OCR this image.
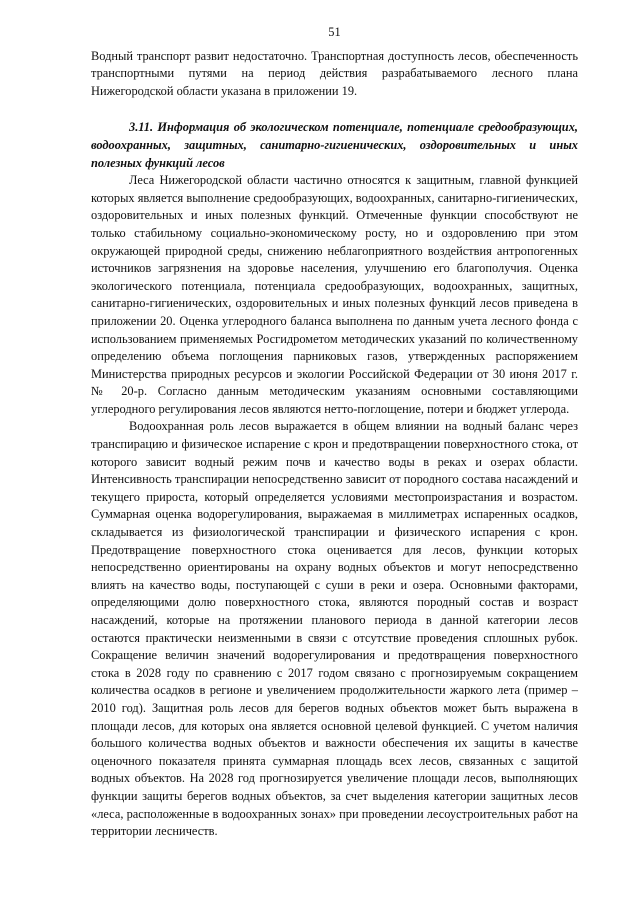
51

Водный транспорт развит недостаточно. Транспортная доступность лесов, обеспеченность транспортными путями на период действия разрабатываемого лесного плана Нижегородской области указана в приложении 19.

3.11. Информация об экологическом потенциале, потенциале средообразующих, водоохранных, защитных, санитарно-гигиенических, оздоровительных и иных полезных функций лесов

Леса Нижегородской области частично относятся к защитным, главной функцией которых является выполнение средообразующих, водоохранных, санитарно-гигиенических, оздоровительных и иных полезных функций. Отмеченные функции способствуют не только стабильному социально-экономическому росту, но и оздоровлению при этом окружающей природной среды, снижению неблагоприятного воздействия антропогенных источников загрязнения на здоровье населения, улучшению его благополучия. Оценка экологического потенциала, потенциала средообразующих, водоохранных, защитных, санитарно-гигиенических, оздоровительных и иных полезных функций лесов приведена в приложении 20. Оценка углеродного баланса выполнена по данным учета лесного фонда с использованием применяемых Росгидрометом методических указаний по количественному определению объема поглощения парниковых газов, утвержденных распоряжением Министерства природных ресурсов и экологии Российской Федерации от 30 июня 2017 г. № 20-р. Согласно данным методическим указаниям основными составляющими углеродного регулирования лесов являются нетто-поглощение, потери и бюджет углерода.

Водоохранная роль лесов выражается в общем влиянии на водный баланс через транспирацию и физическое испарение с крон и предотвращении поверхностного стока, от которого зависит водный режим почв и качество воды в реках и озерах области. Интенсивность транспирации непосредственно зависит от породного состава насаждений и текущего прироста, который определяется условиями местопроизрастания и возрастом. Суммарная оценка водорегулирования, выражаемая в миллиметрах испаренных осадков, складывается из физиологической транспирации и физического испарения с крон. Предотвращение поверхностного стока оценивается для лесов, функции которых непосредственно ориентированы на охрану водных объектов и могут непосредственно влиять на качество воды, поступающей с суши в реки и озера. Основными факторами, определяющими долю поверхностного стока, являются породный состав и возраст насаждений, которые на протяжении планового периода в данной категории лесов остаются практически неизменными в связи с отсутствие проведения сплошных рубок. Сокращение величин значений водорегулирования и предотвращения поверхностного стока в 2028 году по сравнению с 2017 годом связано с прогнозируемым сокращением количества осадков в регионе и увеличением продолжительности жаркого лета (пример – 2010 год). Защитная роль лесов для берегов водных объектов может быть выражена в площади лесов, для которых она является основной целевой функцией. С учетом наличия большого количества водных объектов и важности обеспечения их защиты в качестве оценочного показателя принята суммарная площадь всех лесов, связанных с защитой водных объектов. На 2028 год прогнозируется увеличение площади лесов, выполняющих функции защиты берегов водных объектов, за счет выделения категории защитных лесов «леса, расположенные в водоохранных зонах» при проведении лесоустроительных работ на территории лесничеств.
